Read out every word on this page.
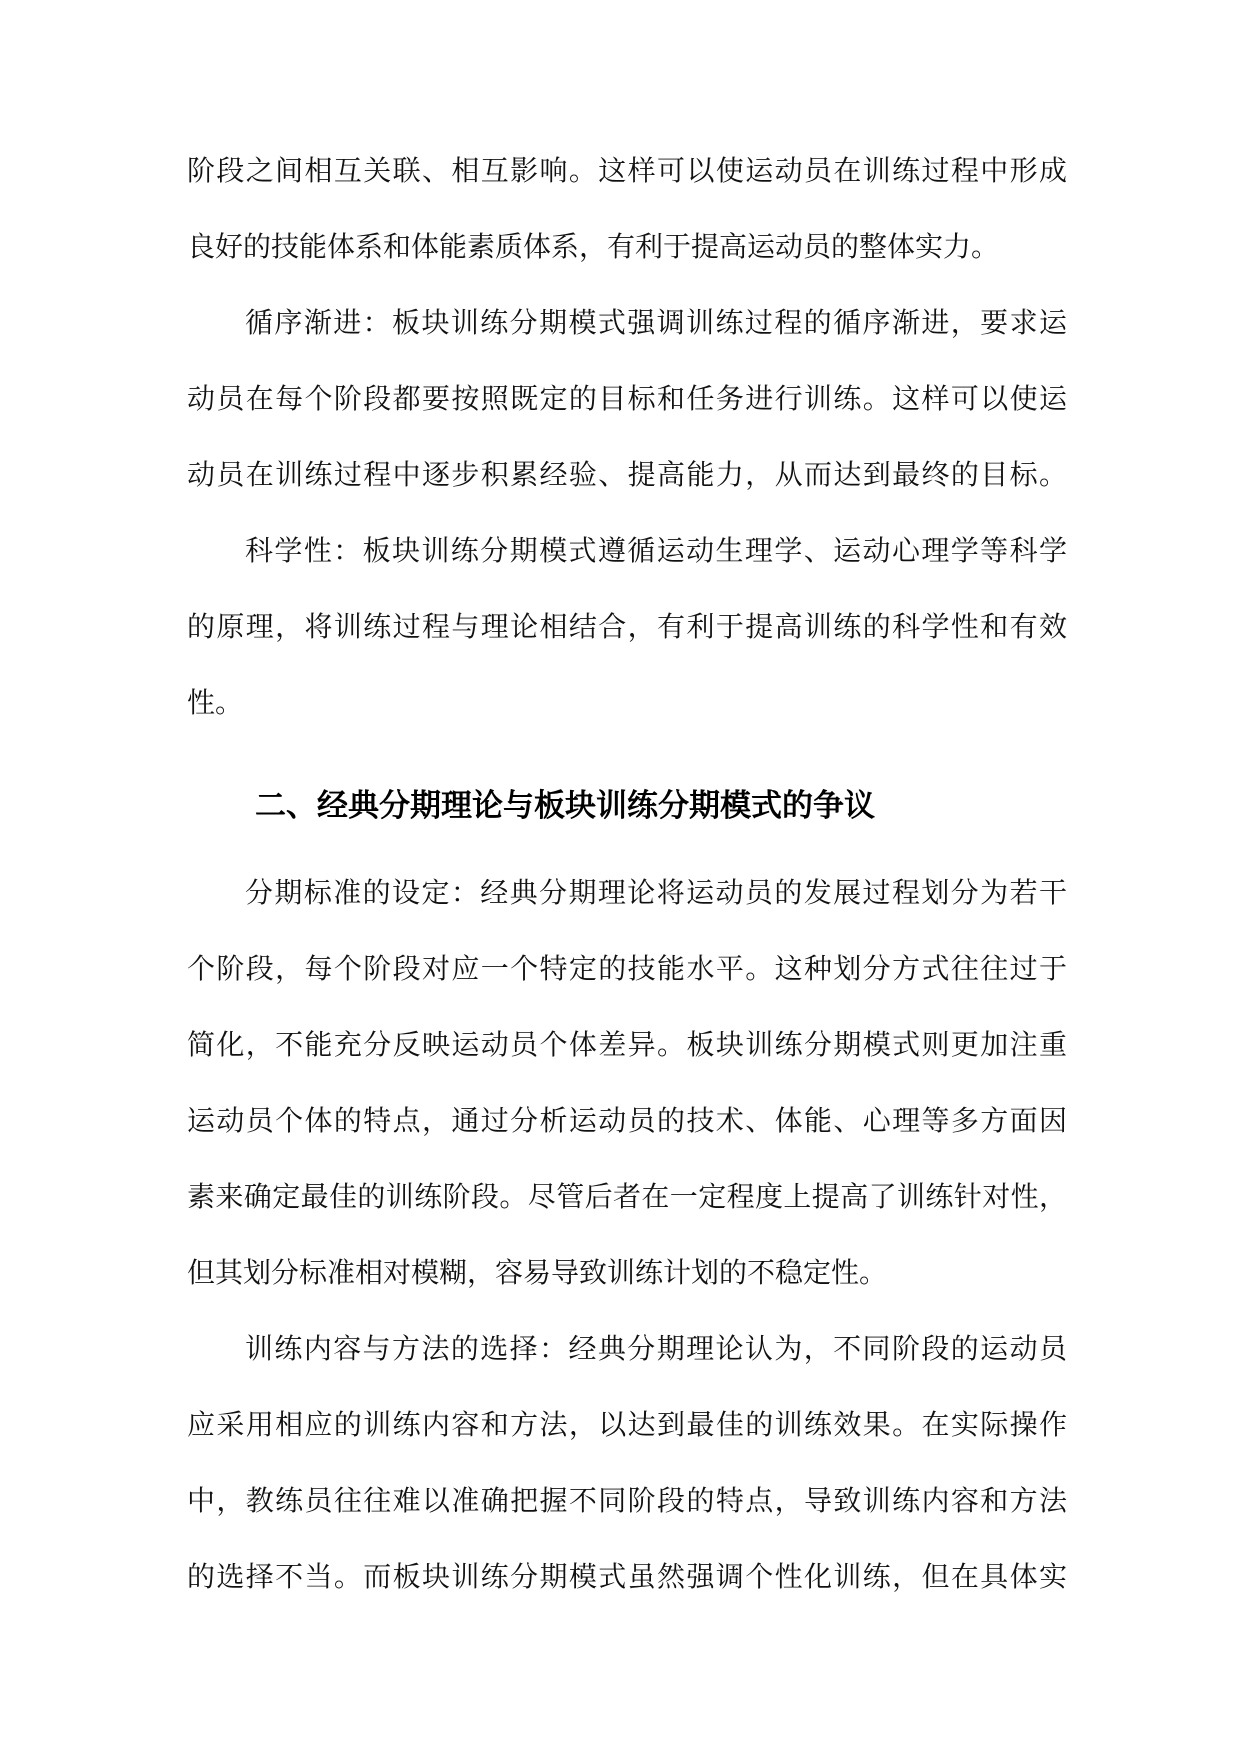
阶段之间相互关联、相互影响。这样可以使运动员在训练过程中形成
良好的技能体系和体能素质体系，有利于提高运动员的整体实力。
循序渐进：板块训练分期模式强调训练过程的循序渐进，要求运
动员在每个阶段都要按照既定的目标和任务进行训练。这样可以使运
动员在训练过程中逐步积累经验、提高能力，从而达到最终的目标。
科学性：板块训练分期模式遵循运动生理学、运动心理学等科学
的原理，将训练过程与理论相结合，有利于提高训练的科学性和有效
性。
二、经典分期理论与板块训练分期模式的争议
分期标准的设定：经典分期理论将运动员的发展过程划分为若干
个阶段，每个阶段对应一个特定的技能水平。这种划分方式往往过于
简化，不能充分反映运动员个体差异。板块训练分期模式则更加注重
运动员个体的特点，通过分析运动员的技术、体能、心理等多方面因
素来确定最佳的训练阶段。尽管后者在一定程度上提高了训练针对性，
但其划分标准相对模糊，容易导致训练计划的不稳定性。
训练内容与方法的选择：经典分期理论认为，不同阶段的运动员
应采用相应的训练内容和方法，以达到最佳的训练效果。在实际操作
中，教练员往往难以准确把握不同阶段的特点，导致训练内容和方法
的选择不当。而板块训练分期模式虽然强调个性化训练，但在具体实
